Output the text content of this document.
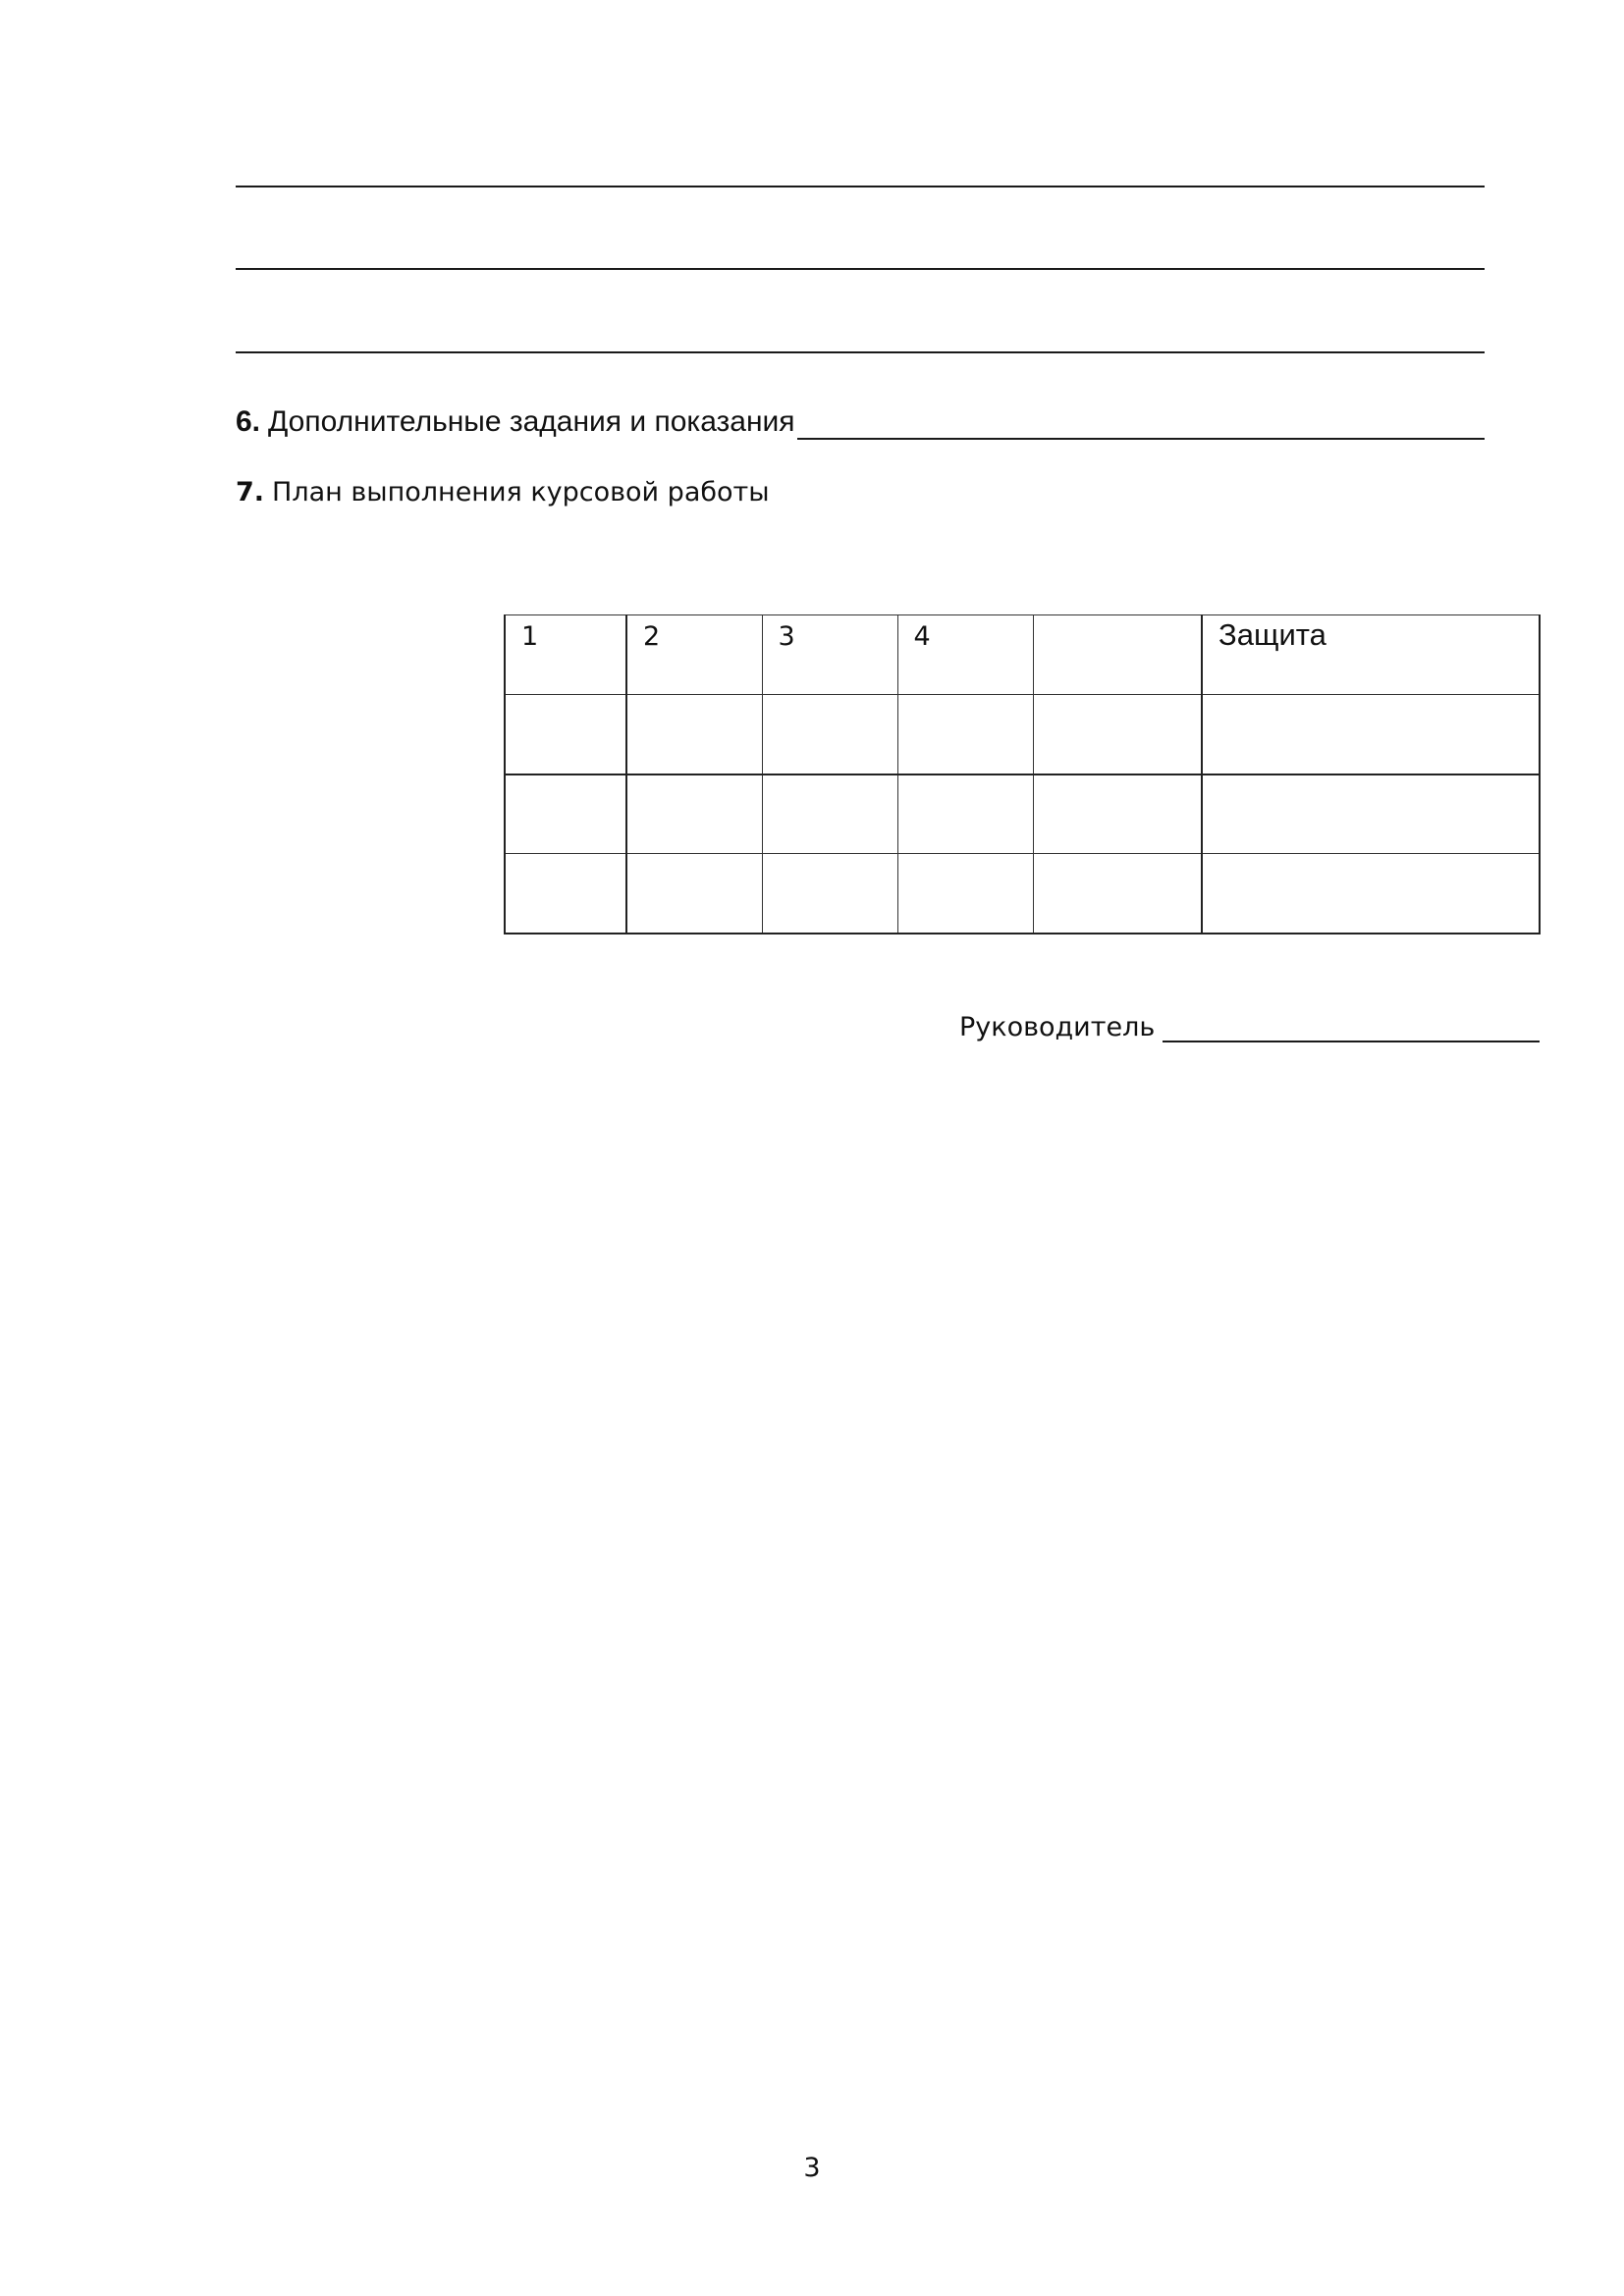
6. Дополнительные задания и показания
7. План выполнения курсовой работы
1	2	3	4		Защита

Руководитель
3
